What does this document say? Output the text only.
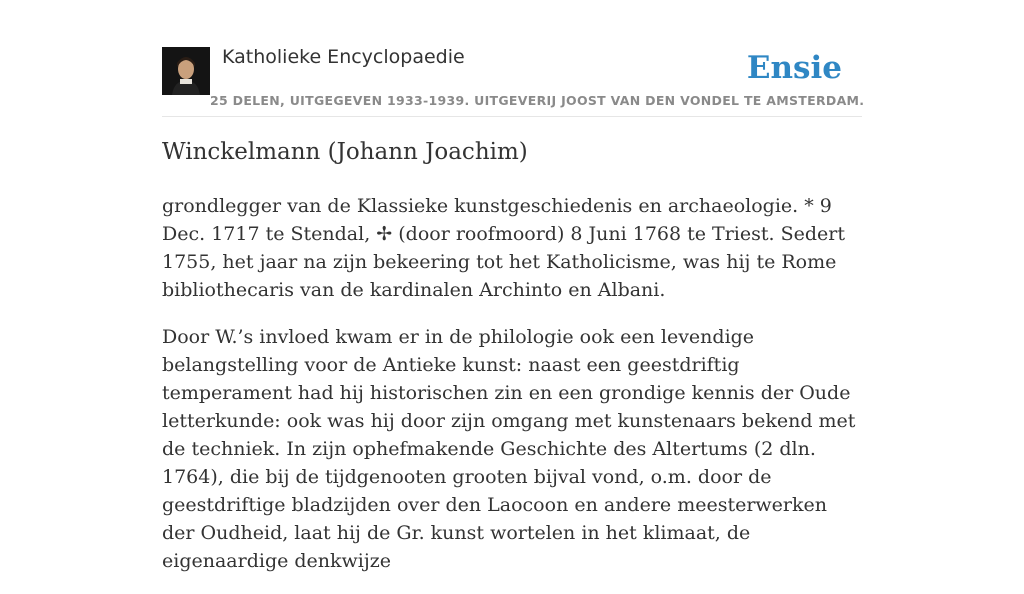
Katholieke Encyclopaedie	Ensie
25 DELEN, UITGEGEVEN 1933-1939. UITGEVERIJ JOOST VAN DEN VONDEL TE AMSTERDAM.
Winckelmann (Johann Joachim)

grondlegger van de Klassieke kunstgeschiedenis en archaeologie. * 9 Dec. 1717 te Stendal, ✢ (door roofmoord) 8 Juni 1768 te Triest. Sedert 1755, het jaar na zijn bekeering tot het Katholicisme, was hij te Rome bibliothecaris van de kardinalen Archinto en Albani.

Door W.’s invloed kwam er in de philologie ook een levendige belangstelling voor de Antieke kunst: naast een geestdriftig temperament had hij historischen zin en een grondige kennis der Oude letterkunde: ook was hij door zijn omgang met kunstenaars bekend met de techniek. In zijn ophefmakende Geschichte des Altertums (2 dln. 1764), die bij de tijdgenooten grooten bijval vond, o.m. door de geestdriftige bladzijden over den Laocoon en andere meesterwerken der Oudheid, laat hij de Gr. kunst wortelen in het klimaat, de eigenaardige denkwijze
